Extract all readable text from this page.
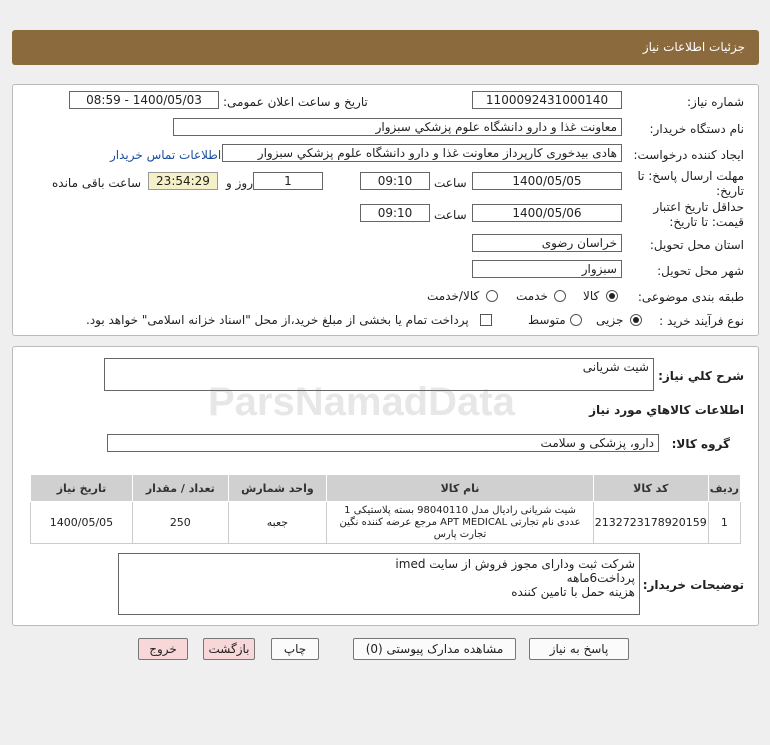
جزئیات اطلاعات نیاز
شماره نیاز:
1100092431000140
تاریخ و ساعت اعلان عمومی:
1400/05/03 - 08:59
نام دستگاه خریدار:
معاونت غذا و دارو دانشگاه علوم پزشكي سبزوار
ایجاد کننده درخواست:
هادی بیدخوری کارپرداز معاونت غذا و دارو دانشگاه علوم پزشكي سبزوار
اطلاعات تماس خریدار
مهلت ارسال پاسخ: تا
تاریخ:
1400/05/05
ساعت
09:10
1
روز و
23:54:29
ساعت باقی مانده
حداقل تاریخ اعتبار
قیمت: تا تاریخ:
1400/05/06
ساعت
09:10
استان محل تحویل:
خراسان رضوی
شهر محل تحویل:
سبزوار
طبقه بندی موضوعی:
کالا
خدمت
کالا/خدمت
نوع فرآیند خرید :
جزیی
متوسط
پرداخت تمام یا بخشی از مبلغ خرید،از محل "اسناد خزانه اسلامی" خواهد بود.
شرح کلي نياز:
شیت شریانی
اطلاعات کالاهاي مورد نياز
گروه کالا:
دارو، پزشکی و سلامت
ردیف	کد کالا	نام کالا	واحد شمارش	تعداد / مقدار	تاریخ نیاز
1	2132723178920159	شیت شریانی رادیال مدل 98040110 بسته پلاستیکی 1 عددی نام تجارتی APT MEDICAL مرجع عرضه کننده نگین تجارت پارس	جعبه	250	1400/05/05
توضیحات خریدار:
شرکت ثبت ودارای مجوز فروش از سایت imed
پرداخت6ماهه
هزینه حمل با تامین کننده
پاسخ به نیاز
مشاهده مدارک پیوستی (0)
چاپ
بازگشت
خروج
